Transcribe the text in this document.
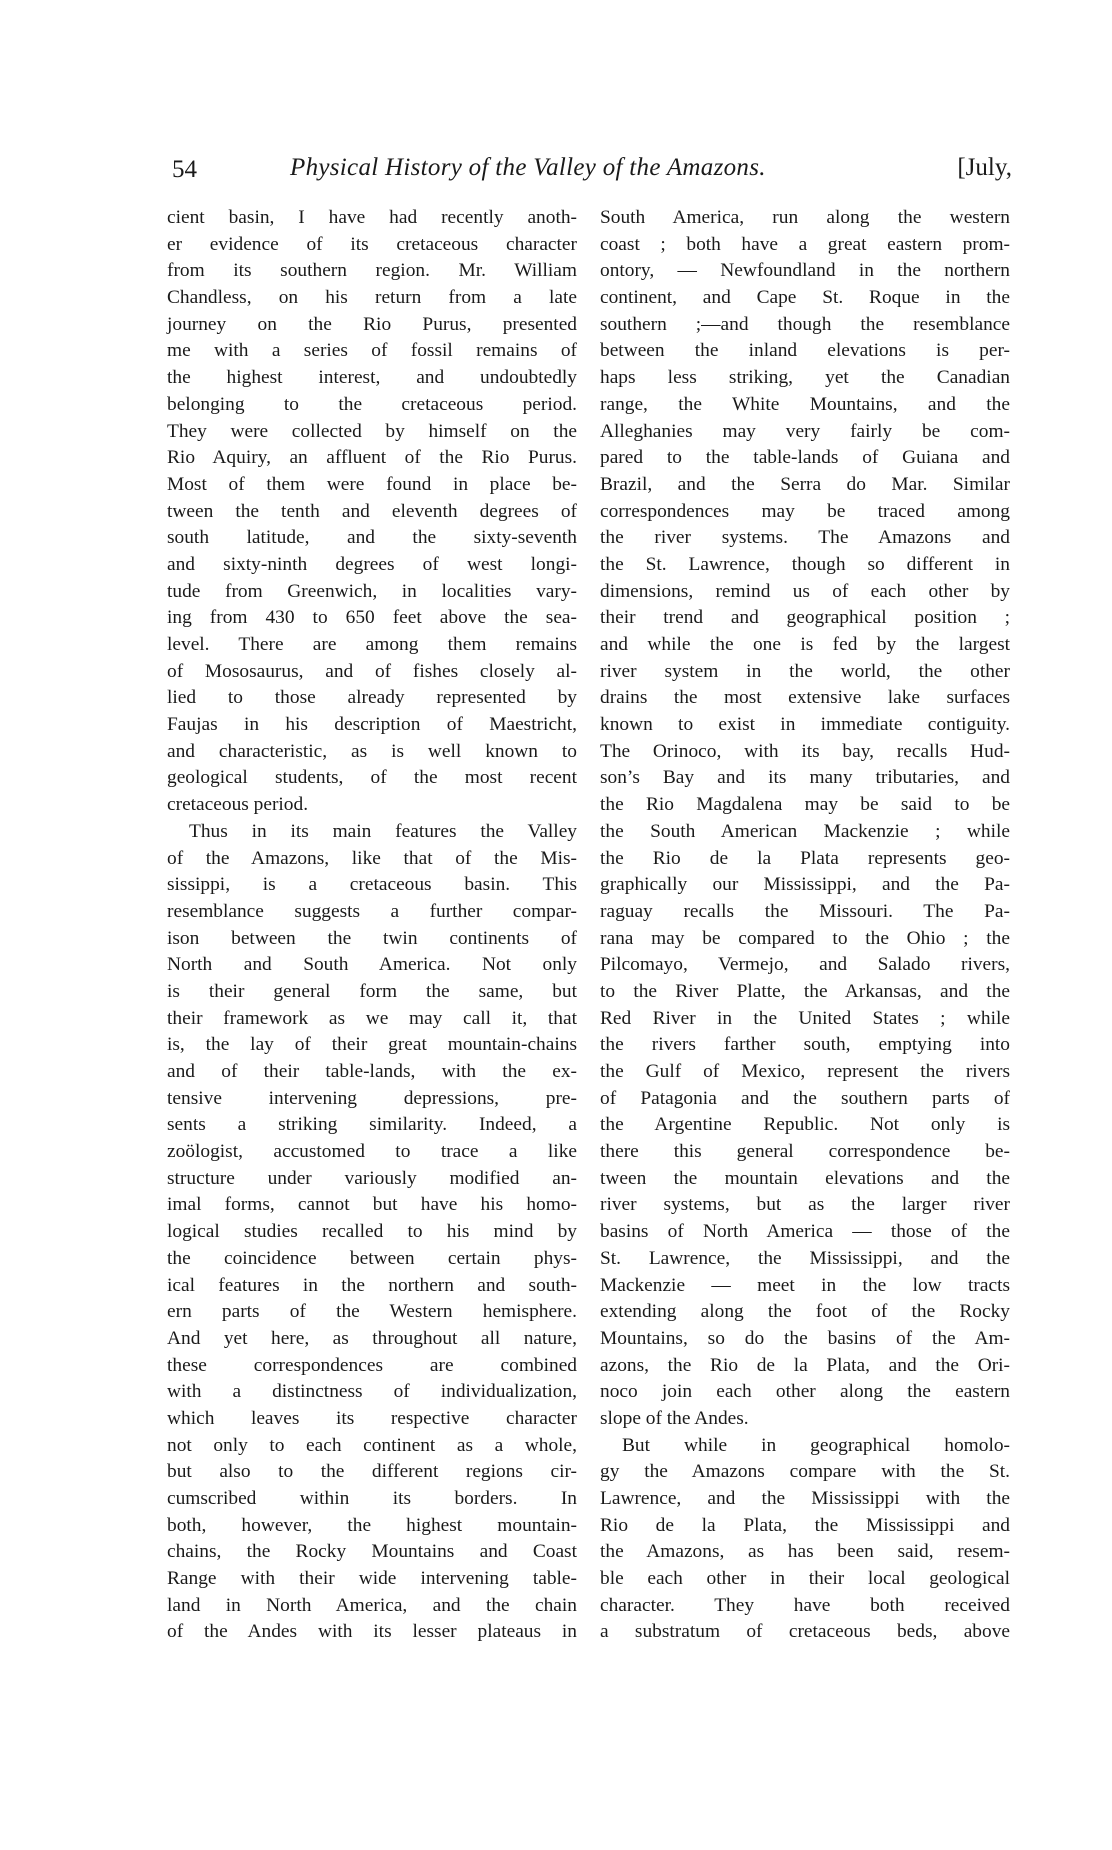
54	Physical History of the Valley of the Amazons.	[July,
cient basin, I have had recently anoth-
er evidence of its cretaceous character
from its southern region. Mr. William
Chandless, on his return from a late
journey on the Rio Purus, presented
me with a series of fossil remains of
the highest interest, and undoubtedly
belonging to the cretaceous period.
They were collected by himself on the
Rio Aquiry, an affluent of the Rio Purus.
Most of them were found in place be-
tween the tenth and eleventh degrees of
south latitude, and the sixty-seventh
and sixty-ninth degrees of west longi-
tude from Greenwich, in localities vary-
ing from 430 to 650 feet above the sea-
level. There are among them remains
of Mososaurus, and of fishes closely al-
lied to those already represented by
Faujas in his description of Maestricht,
and characteristic, as is well known to
geological students, of the most recent
cretaceous period.
Thus in its main features the Valley
of the Amazons, like that of the Mis-
sissippi, is a cretaceous basin. This
resemblance suggests a further compar-
ison between the twin continents of
North and South America. Not only
is their general form the same, but
their framework as we may call it, that
is, the lay of their great mountain-chains
and of their table-lands, with the ex-
tensive intervening depressions, pre-
sents a striking similarity. Indeed, a
zoölogist, accustomed to trace a like
structure under variously modified an-
imal forms, cannot but have his homo-
logical studies recalled to his mind by
the coincidence between certain phys-
ical features in the northern and south-
ern parts of the Western hemisphere.
And yet here, as throughout all nature,
these correspondences are combined
with a distinctness of individualization,
which leaves its respective character
not only to each continent as a whole,
but also to the different regions cir-
cumscribed within its borders. In
both, however, the highest mountain-
chains, the Rocky Mountains and Coast
Range with their wide intervening table-
land in North America, and the chain
of the Andes with its lesser plateaus in
South America, run along the western
coast ; both have a great eastern prom-
ontory, — Newfoundland in the northern
continent, and Cape St. Roque in the
southern ;—and though the resemblance
between the inland elevations is per-
haps less striking, yet the Canadian
range, the White Mountains, and the
Alleghanies may very fairly be com-
pared to the table-lands of Guiana and
Brazil, and the Serra do Mar. Similar
correspondences may be traced among
the river systems. The Amazons and
the St. Lawrence, though so different in
dimensions, remind us of each other by
their trend and geographical position ;
and while the one is fed by the largest
river system in the world, the other
drains the most extensive lake surfaces
known to exist in immediate contiguity.
The Orinoco, with its bay, recalls Hud-
son’s Bay and its many tributaries, and
the Rio Magdalena may be said to be
the South American Mackenzie ; while
the Rio de la Plata represents geo-
graphically our Mississippi, and the Pa-
raguay recalls the Missouri. The Pa-
rana may be compared to the Ohio ; the
Pilcomayo, Vermejo, and Salado rivers,
to the River Platte, the Arkansas, and the
Red River in the United States ; while
the rivers farther south, emptying into
the Gulf of Mexico, represent the rivers
of Patagonia and the southern parts of
the Argentine Republic. Not only is
there this general correspondence be-
tween the mountain elevations and the
river systems, but as the larger river
basins of North America — those of the
St. Lawrence, the Mississippi, and the
Mackenzie — meet in the low tracts
extending along the foot of the Rocky
Mountains, so do the basins of the Am-
azons, the Rio de la Plata, and the Ori-
noco join each other along the eastern
slope of the Andes.
But while in geographical homolo-
gy the Amazons compare with the St.
Lawrence, and the Mississippi with the
Rio de la Plata, the Mississippi and
the Amazons, as has been said, resem-
ble each other in their local geological
character. They have both received
a substratum of cretaceous beds, above
